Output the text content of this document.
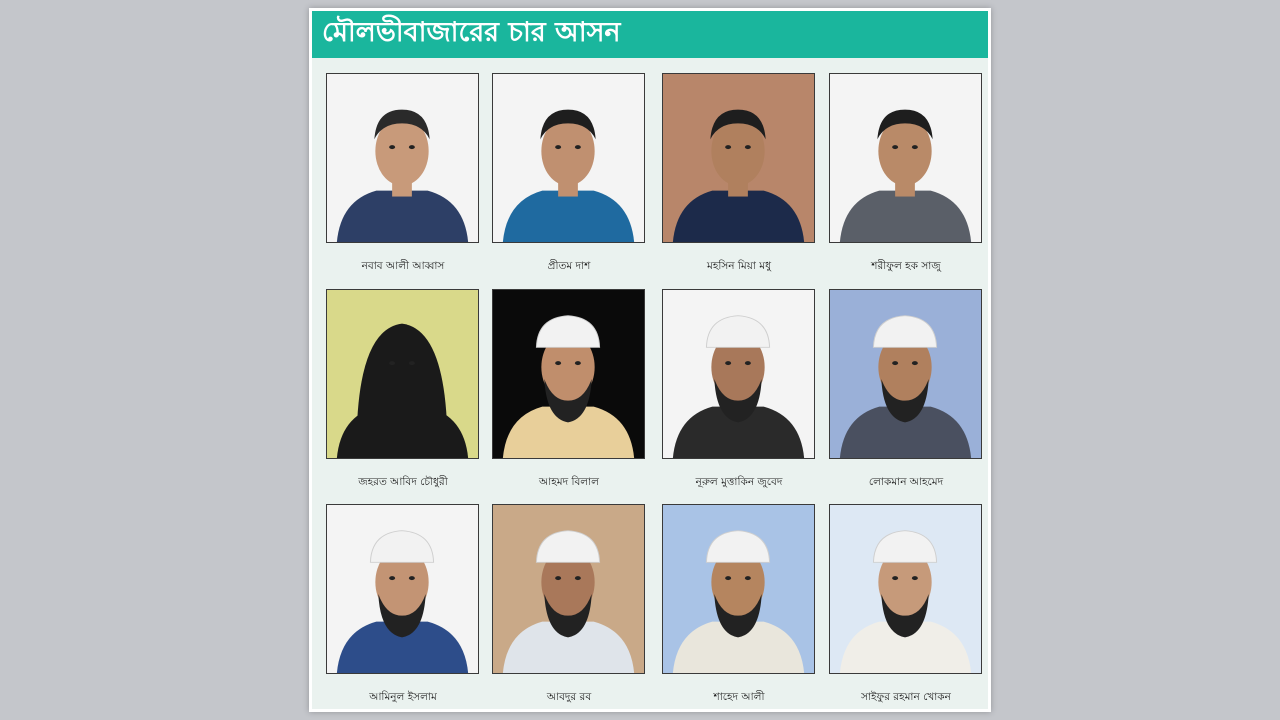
মৌলভীবাজারের চার আসন
নবাব আলী আব্বাস	প্রীতম দাশ	মহসিন মিয়া মধু	শরীফুল হক সাজু
জহরত আবিদ চৌধুরী	আহমদ বিলাল	নূরুল মুত্তাকিন জুবেদ	লোকমান আহমেদ
আমিনুল ইসলাম	আবদুর রব	শাহেদ আলী	সাইফুর রহমান খোকন
